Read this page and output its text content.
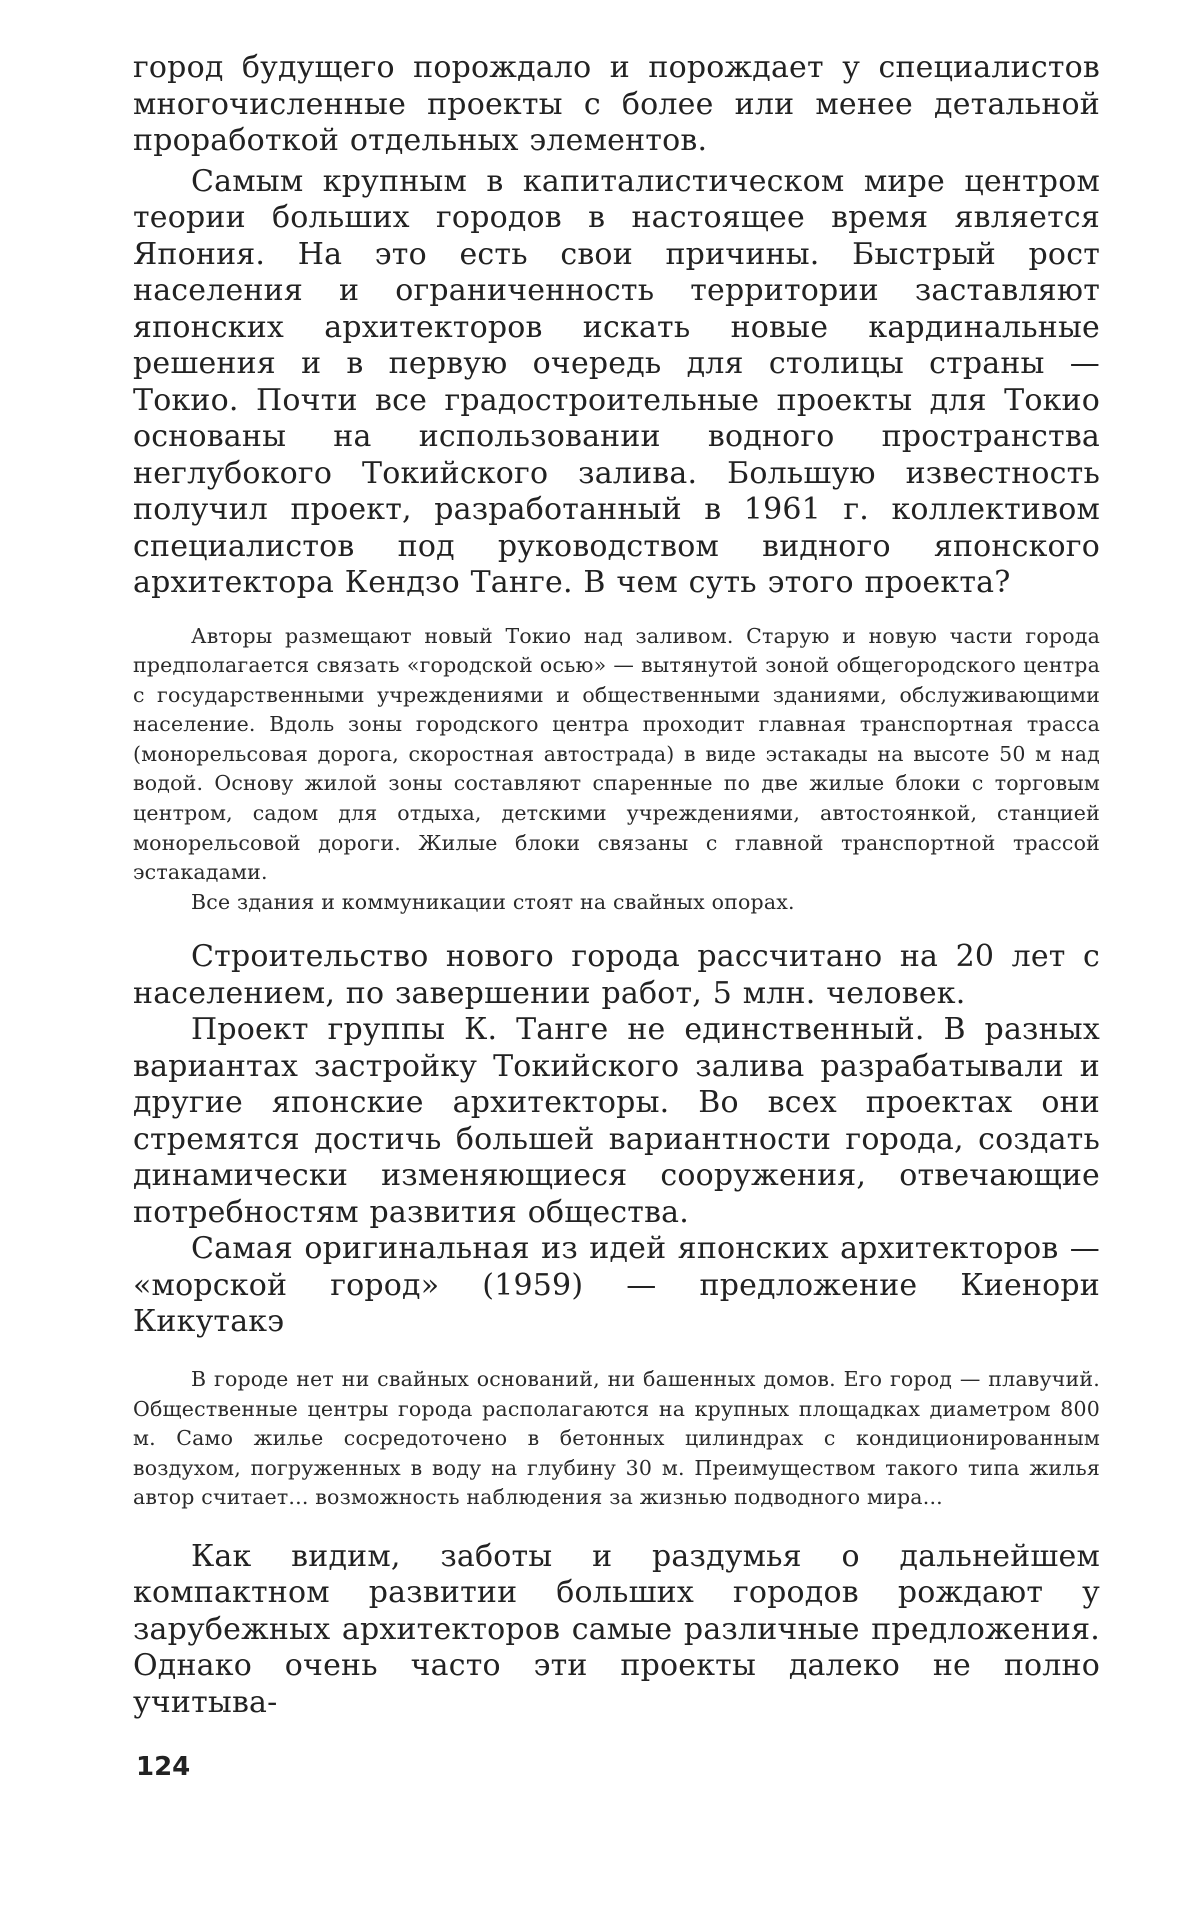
город будущего порождало и порождает у специалистов многочисленные проекты с более или менее детальной проработкой отдельных элементов.

Самым крупным в капиталистическом мире центром теории больших городов в настоящее время является Япония. На это есть свои причины. Быстрый рост населения и ограниченность территории заставляют японских архитекторов искать новые кардинальные решения и в первую очередь для столицы страны — Токио. Почти все градостроительные проекты для Токио основаны на использовании водного пространства неглубокого Токийского залива. Большую известность получил проект, разработанный в 1961 г. коллективом специалистов под руководством видного японского архитектора Кендзо Танге. В чем суть этого проекта?

Авторы размещают новый Токио над заливом. Старую и новую части города предполагается связать «городской осью» — вытянутой зоной общегородского центра с государственными учреждениями и общественными зданиями, обслуживающими население. Вдоль зоны городского центра проходит главная транспортная трасса (монорельсовая дорога, скоростная автострада) в виде эстакады на высоте 50 м над водой. Основу жилой зоны составляют спаренные по две жилые блоки с торговым центром, садом для отдыха, детскими учреждениями, автостоянкой, станцией монорельсовой дороги. Жилые блоки связаны с главной транспортной трассой эстакадами.

Все здания и коммуникации стоят на свайных опорах.

Строительство нового города рассчитано на 20 лет с населением, по завершении работ, 5 млн. человек.

Проект группы К. Танге не единственный. В разных вариантах застройку Токийского залива разрабатывали и другие японские архитекторы. Во всех проектах они стремятся достичь большей вариантности города, создать динамически изменяющиеся сооружения, отвечающие потребностям развития общества.

Самая оригинальная из идей японских архитекторов — «морской город» (1959) — предложение Киенори Кикутакэ

В городе нет ни свайных оснований, ни башенных домов. Его город — плавучий. Общественные центры города располагаются на крупных площадках диаметром 800 м. Само жилье сосредоточено в бетонных цилиндрах с кондиционированным воздухом, погруженных в воду на глубину 30 м. Преимуществом такого типа жилья автор считает... возможность наблюдения за жизнью подводного мира...

Как видим, заботы и раздумья о дальнейшем компактном развитии больших городов рождают у зарубежных архитекторов самые различные предложения. Однако очень часто эти проекты далеко не полно учитыва-

124
